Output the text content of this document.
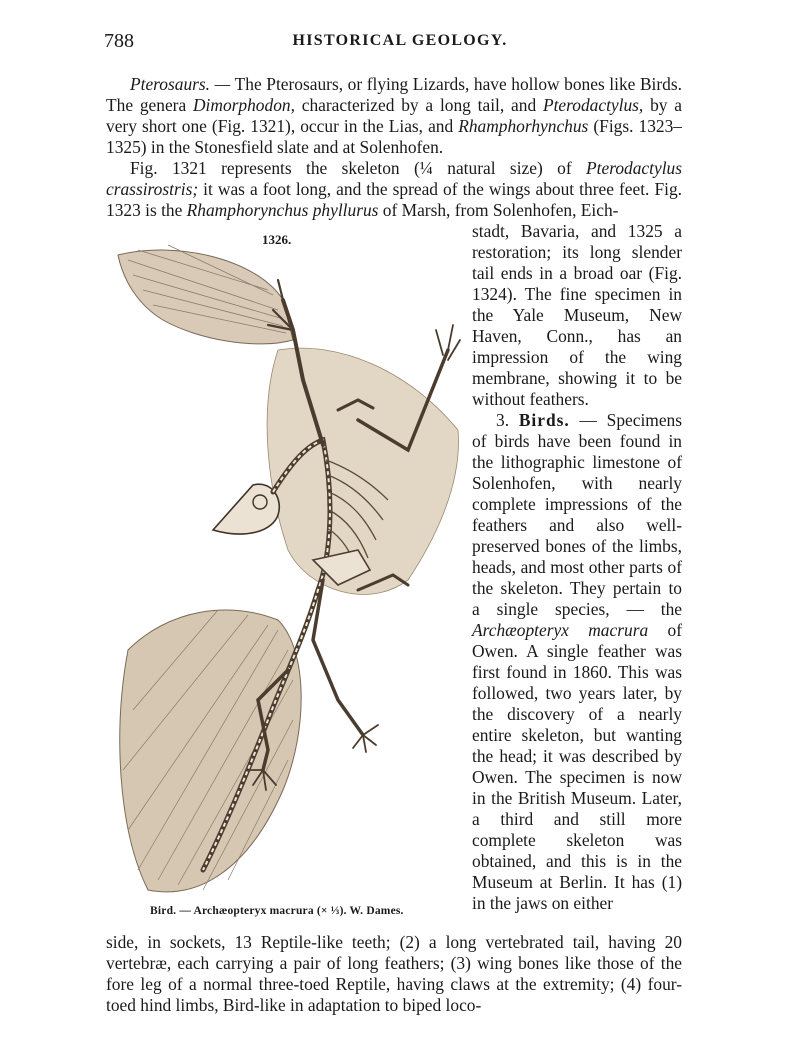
788	HISTORICAL GEOLOGY.

Pterosaurs. — The Pterosaurs, or flying Lizards, have hollow bones like Birds. The genera Dimorphodon, characterized by a long tail, and Pterodactylus, by a very short one (Fig. 1321), occur in the Lias, and Rhamphorhynchus (Figs. 1323–1325) in the Stonesfield slate and at Solenhofen.

Fig. 1321 represents the skeleton (¼ natural size) of Pterodactylus crassirostris; it was a foot long, and the spread of the wings about three feet. Fig. 1323 is the Rhamphorynchus phyllurus of Marsh, from Solenhofen, Eich-

stadt, Bavaria, and 1325 a restoration; its long slender tail ends in a broad oar (Fig. 1324). The fine specimen in the Yale Museum, New Haven, Conn., has an impression of the wing membrane, showing it to be without feathers.

3. Birds. — Specimens of birds have been found in the lithographic limestone of Solenhofen, with nearly complete impressions of the feathers and also well-preserved bones of the limbs, heads, and most other parts of the skeleton. They pertain to a single species, — the Archæopteryx macrura of Owen. A single feather was first found in 1860. This was followed, two years later, by the discovery of a nearly entire skeleton, but wanting the head; it was described by Owen. The specimen is now in the British Museum. Later, a third and still more complete skeleton was obtained, and this is in the Museum at Berlin. It has (1) in the jaws on either

side, in sockets, 13 Reptile-like teeth; (2) a long vertebrated tail, having 20 vertebræ, each carrying a pair of long feathers; (3) wing bones like those of the fore leg of a normal three-toed Reptile, having claws at the extremity; (4) four-toed hind limbs, Bird-like in adaptation to biped loco-

1326.
Bird. — Archæopteryx macrura (× ⅓). W. Dames.
